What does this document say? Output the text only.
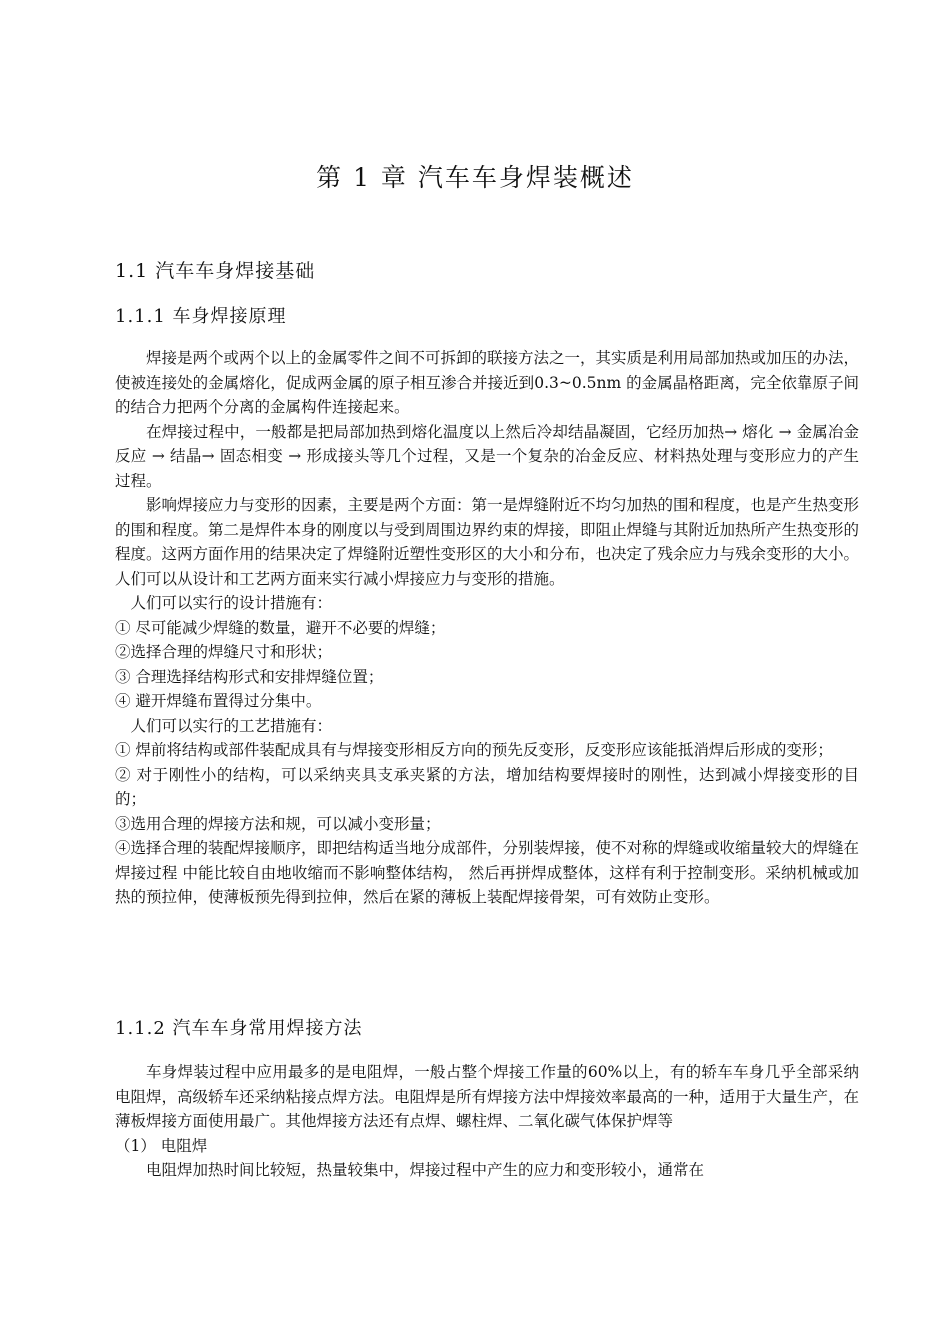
第 1 章 汽车车身焊装概述
1.1 汽车车身焊接基础
1.1.1 车身焊接原理

焊接是两个或两个以上的金属零件之间不可拆卸的联接方法之一，其实质是利用局部加热或加压的办法，使被连接处的金属熔化，促成两金属的原子相互渗合并接近到0.3~0.5nm 的金属晶格距离，完全依靠原子间的结合力把两个分离的金属构件连接起来。

在焊接过程中，一般都是把局部加热到熔化温度以上然后冷却结晶凝固，它经历加热→ 熔化 → 金属冶金反应 → 结晶→ 固态相变 → 形成接头等几个过程，又是一个复杂的冶金反应、材料热处理与变形应力的产生过程。

影响焊接应力与变形的因素，主要是两个方面：第一是焊缝附近不均匀加热的围和程度，也是产生热变形的围和程度。第二是焊件本身的刚度以与受到周围边界约束的焊接，即阻止焊缝与其附近加热所产生热变形的程度。这两方面作用的结果决定了焊缝附近塑性变形区的大小和分布，也决定了残余应力与残余变形的大小。人们可以从设计和工艺两方面来实行减小焊接应力与变形的措施。

人们可以实行的设计措施有：

① 尽可能减少焊缝的数量，避开不必要的焊缝；

②选择合理的焊缝尺寸和形状；

③ 合理选择结构形式和安排焊缝位置；

④ 避开焊缝布置得过分集中。

人们可以实行的工艺措施有：

① 焊前将结构或部件装配成具有与焊接变形相反方向的预先反变形，反变形应该能抵消焊后形成的变形；

② 对于刚性小的结构，可以采纳夹具支承夹紧的方法，增加结构要焊接时的刚性，达到减小焊接变形的目的；

③选用合理的焊接方法和规，可以减小变形量；

④选择合理的装配焊接顺序，即把结构适当地分成部件，分别装焊接，使不对称的焊缝或收缩量较大的焊缝在焊接过程 中能比较自由地收缩而不影响整体结构， 然后再拼焊成整体，这样有利于控制变形。采纳机械或加热的预拉伸，使薄板预先得到拉伸，然后在紧的薄板上装配焊接骨架，可有效防止变形。

1.1.2 汽车车身常用焊接方法

车身焊装过程中应用最多的是电阻焊，一般占整个焊接工作量的60%以上，有的轿车车身几乎全部采纳电阻焊，高级轿车还采纳粘接点焊方法。电阻焊是所有焊接方法中焊接效率最高的一种，适用于大量生产，在薄板焊接方面使用最广。其他焊接方法还有点焊、螺柱焊、二氧化碳气体保护焊等

（1） 电阻焊

电阻焊加热时间比较短，热量较集中，焊接过程中产生的应力和变形较小，通常在
